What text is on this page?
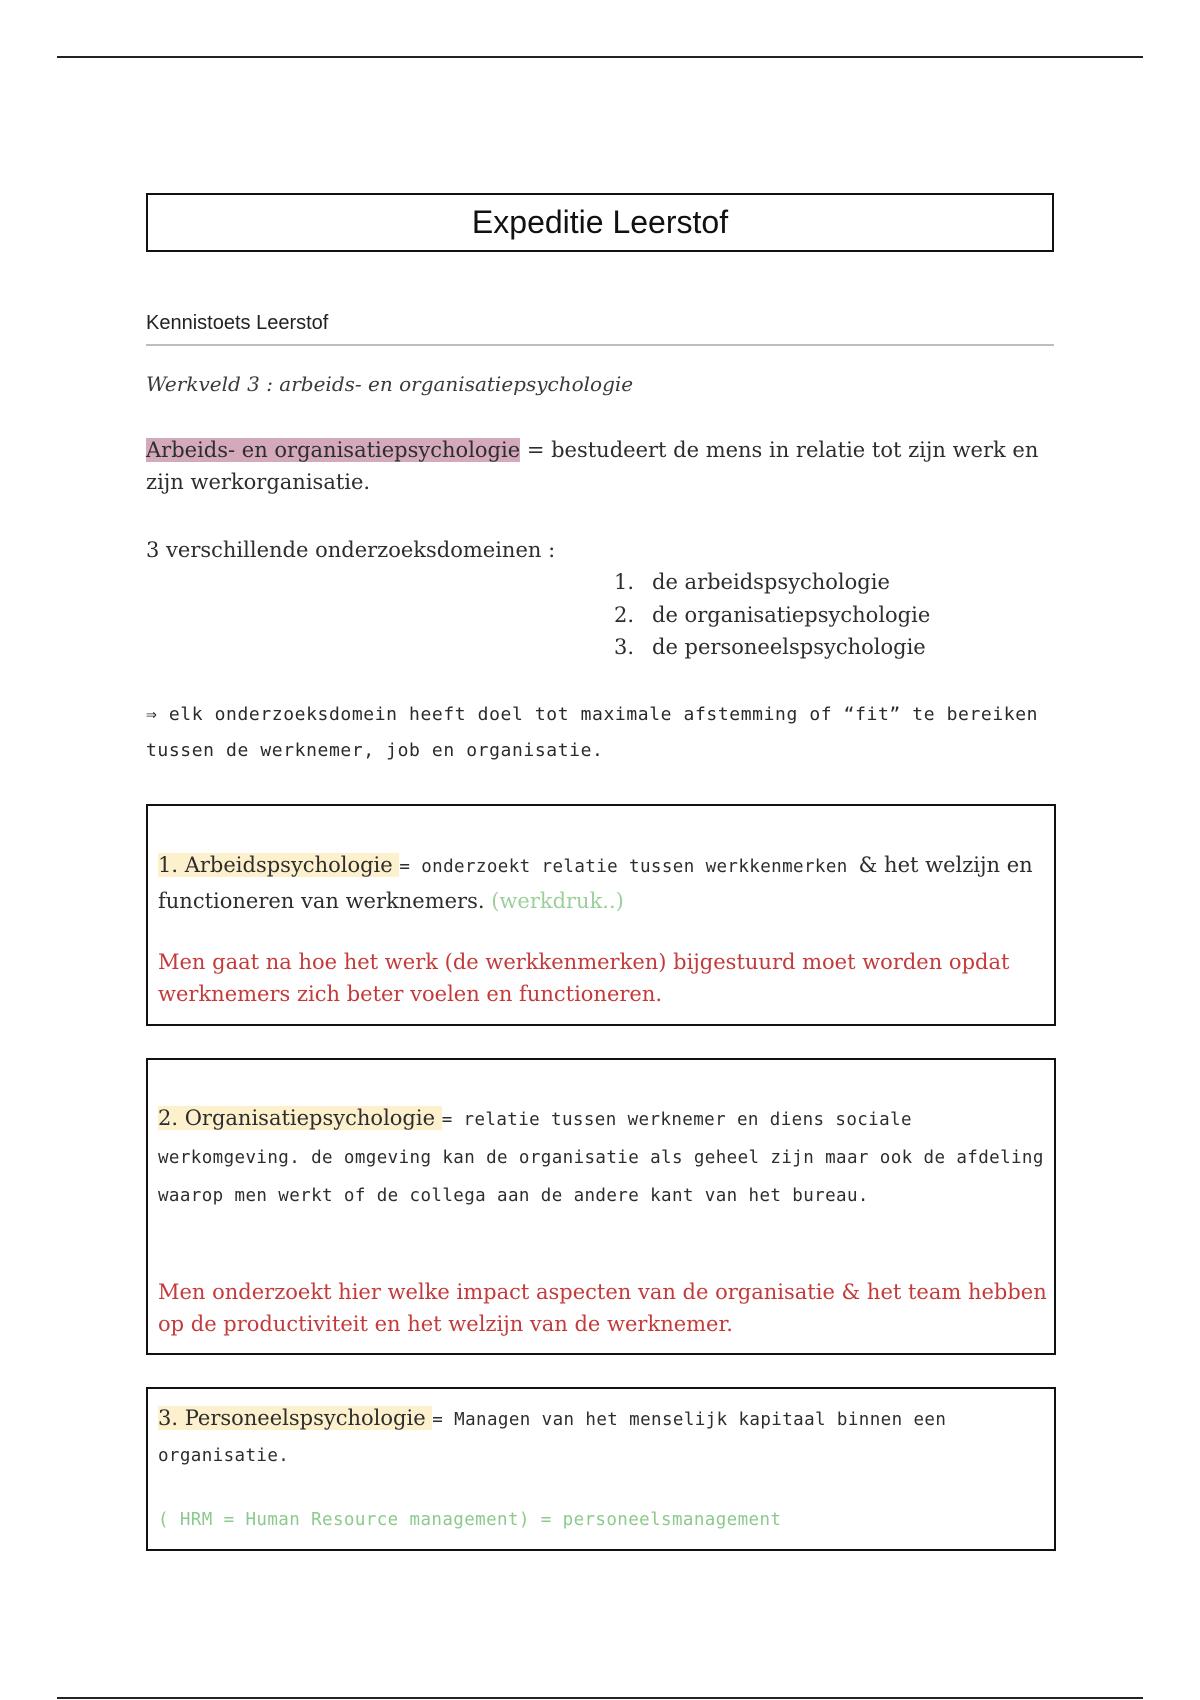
Expeditie Leerstof
Kennistoets Leerstof
Werkveld 3 : arbeids- en organisatiepsychologie
Arbeids- en organisatiepsychologie = bestudeert de mens in relatie tot zijn werk en zijn werkorganisatie.
3 verschillende onderzoeksdomeinen :
1. de arbeidspsychologie
2. de organisatiepsychologie
3. de personeelspsychologie
⇒ elk onderzoeksdomein heeft doel tot maximale afstemming of “fit” te bereiken tussen de werknemer, job en organisatie.
1. Arbeidspsychologie = onderzoekt relatie tussen werkkenmerken & het welzijn en functioneren van werknemers. (werkdruk..)
Men gaat na hoe het werk (de werkkenmerken) bijgestuurd moet worden opdat werknemers zich beter voelen en functioneren.
2. Organisatiepsychologie = relatie tussen werknemer en diens sociale werkomgeving. de omgeving kan de organisatie als geheel zijn maar ook de afdeling waarop men werkt of de collega aan de andere kant van het bureau.
Men onderzoekt hier welke impact aspecten van de organisatie & het team hebben op de productiviteit en het welzijn van de werknemer.
3. Personeelspsychologie = Managen van het menselijk kapitaal binnen een organisatie.
( HRM = Human Resource management) = personeelsmanagement
